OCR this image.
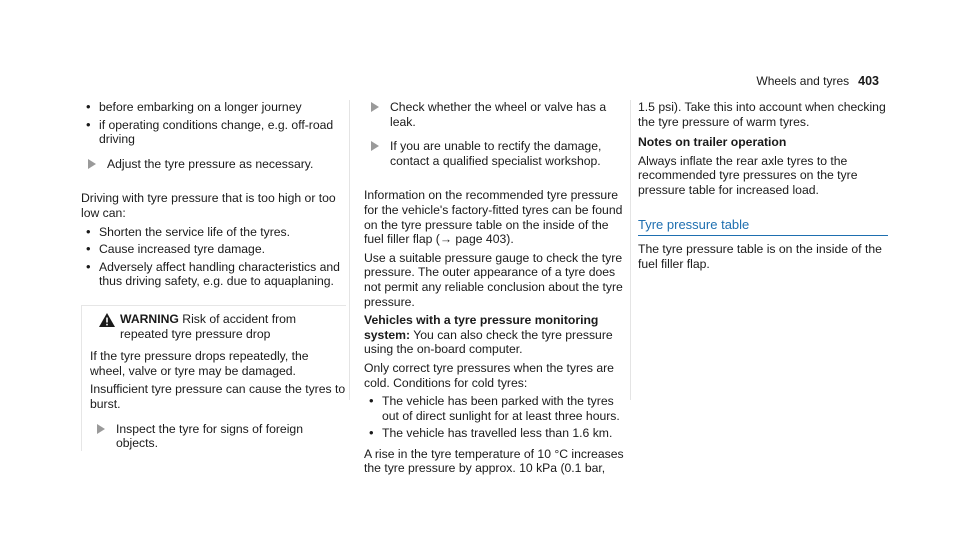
Wheels and tyres 403
• before embarking on a longer journey
• if operating conditions change, e.g. off-road driving
Adjust the tyre pressure as necessary.

Driving with tyre pressure that is too high or too low can:

• Shorten the service life of the tyres.
• Cause increased tyre damage.
• Adversely affect handling characteristics and thus driving safety, e.g. due to aquaplaning.
WARNING Risk of accident from repeated tyre pressure drop

If the tyre pressure drops repeatedly, the wheel, valve or tyre may be damaged.

Insufficient tyre pressure can cause the tyres to burst.

Inspect the tyre for signs of foreign objects.
Check whether the wheel or valve has a leak.
If you are unable to rectify the damage, contact a qualified specialist workshop.

Information on the recommended tyre pressure for the vehicle's factory-fitted tyres can be found on the tyre pressure table on the inside of the fuel filler flap (→ page 403).

Use a suitable pressure gauge to check the tyre pressure. The outer appearance of a tyre does not permit any reliable conclusion about the tyre pressure.

Vehicles with a tyre pressure monitoring system: You can also check the tyre pressure using the on-board computer.

Only correct tyre pressures when the tyres are cold. Conditions for cold tyres:

• The vehicle has been parked with the tyres out of direct sunlight for at least three hours.
• The vehicle has travelled less than 1.6 km.

A rise in the tyre temperature of 10 °C increases the tyre pressure by approx. 10 kPa (0.1 bar,

1.5 psi). Take this into account when checking the tyre pressure of warm tyres.

Notes on trailer operation

Always inflate the rear axle tyres to the recommended tyre pressures on the tyre pressure table for increased load.

Tyre pressure table

The tyre pressure table is on the inside of the fuel filler flap.
